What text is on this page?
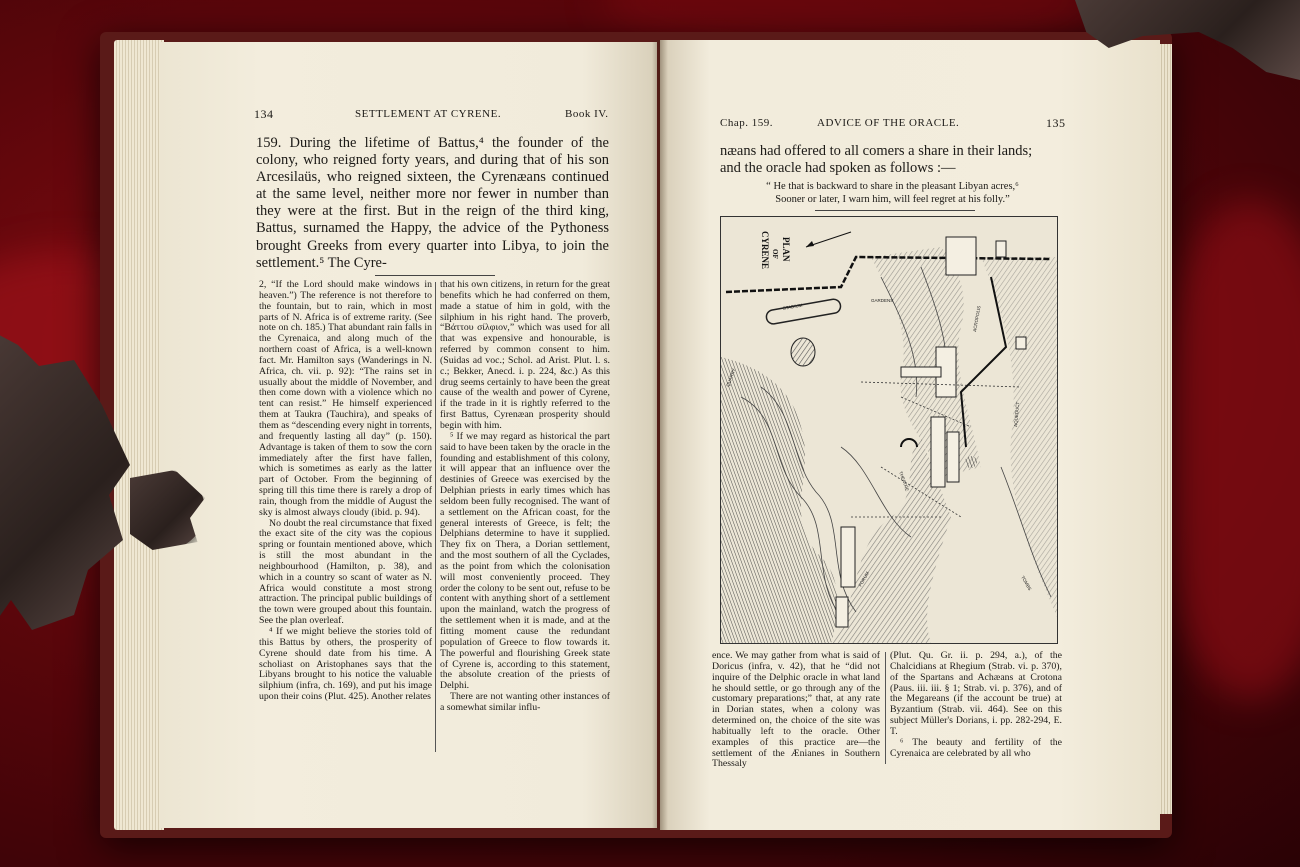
134	SETTLEMENT AT CYRENE.	Book IV.

159. During the lifetime of Battus,⁴ the founder of the colony, who reigned forty years, and during that of his son Arcesilaüs, who reigned sixteen, the Cyrenæans continued at the same level, neither more nor fewer in number than they were at the first. But in the reign of the third king, Battus, surnamed the Happy, the advice of the Pythoness brought Greeks from every quarter into Libya, to join the settlement.⁵ The Cyre-

2, “If the Lord should make windows in heaven.”) The reference is not therefore to the fountain, but to rain, which in most parts of N. Africa is of extreme rarity. (See note on ch. 185.) That abundant rain falls in the Cyrenaica, and along much of the northern coast of Africa, is a well-known fact. Mr. Hamilton says (Wanderings in N. Africa, ch. vii. p. 92): “The rains set in usually about the middle of November, and then come down with a violence which no tent can resist.” He himself experienced them at Taukra (Tauchira), and speaks of them as “descending every night in torrents, and frequently lasting all day” (p. 150). Advantage is taken of them to sow the corn immediately after the first have fallen, which is sometimes as early as the latter part of October. From the beginning of spring till this time there is rarely a drop of rain, though from the middle of August the sky is almost always cloudy (ibid. p. 94).

No doubt the real circumstance that fixed the exact site of the city was the copious spring or fountain mentioned above, which is still the most abundant in the neighbourhood (Hamilton, p. 38), and which in a country so scant of water as N. Africa would constitute a most strong attraction. The principal public buildings of the town were grouped about this fountain. See the plan overleaf.

⁴ If we might believe the stories told of this Battus by others, the prosperity of Cyrene should date from his time. A scholiast on Aristophanes says that the Libyans brought to his notice the valuable silphium (infra, ch. 169), and put his image upon their coins (Plut. 425). Another relates

that his own citizens, in return for the great benefits which he had conferred on them, made a statue of him in gold, with the silphium in his right hand. The proverb, “Βάττου σίλφιον,” which was used for all that was expensive and honourable, is referred by common consent to him. (Suidas ad voc.; Schol. ad Arist. Plut. l. s. c.; Bekker, Anecd. i. p. 224, &c.) As this drug seems certainly to have been the great cause of the wealth and power of Cyrene, if the trade in it is rightly referred to the first Battus, Cyrenæan prosperity should begin with him.

⁵ If we may regard as historical the part said to have been taken by the oracle in the founding and establishment of this colony, it will appear that an influence over the destinies of Greece was exercised by the Delphian priests in early times which has seldom been fully recognised. The want of a settlement on the African coast, for the general interests of Greece, is felt; the Delphians determine to have it supplied. They fix on Thera, a Dorian settlement, and the most southern of all the Cyclades, as the point from which the colonisation will most conveniently proceed. They order the colony to be sent out, refuse to be content with anything short of a settlement upon the mainland, watch the progress of the settlement when it is made, and at the fitting moment cause the redundant population of Greece to flow towards it. The powerful and flourishing Greek state of Cyrene is, according to this statement, the absolute creation of the priests of Delphi.

There are not wanting other instances of a somewhat similar influ-

Chap. 159.	ADVICE OF THE ORACLE.	135

næans had offered to all comers a share in their lands;

and the oracle had spoken as follows :—

“ He that is backward to share in the pleasant Libyan acres,⁶
Sooner or later, I warn him, will feel regret at his folly.”
PLAN
OF
CYRENE
STADIUM
FORUM
THEATRE
AQUEDUCT
TOMBS
QUARRY
ACROPOLIS
GARDENS

ence. We may gather from what is said of Doricus (infra, v. 42), that he “did not inquire of the Delphic oracle in what land he should settle, or go through any of the customary preparations;” that, at any rate in Dorian states, when a colony was determined on, the choice of the site was habitually left to the oracle. Other examples of this practice are—the settlement of the Ænianes in Southern Thessaly

(Plut. Qu. Gr. ii. p. 294, a.), of the Chalcidians at Rhegium (Strab. vi. p. 370), of the Spartans and Achæans at Crotona (Paus. iii. iii. § 1; Strab. vi. p. 376), and of the Megareans (if the account be true) at Byzantium (Strab. vii. 464). See on this subject Müller's Dorians, i. pp. 282-294, E. T.

⁶ The beauty and fertility of the Cyrenaica are celebrated by all who
